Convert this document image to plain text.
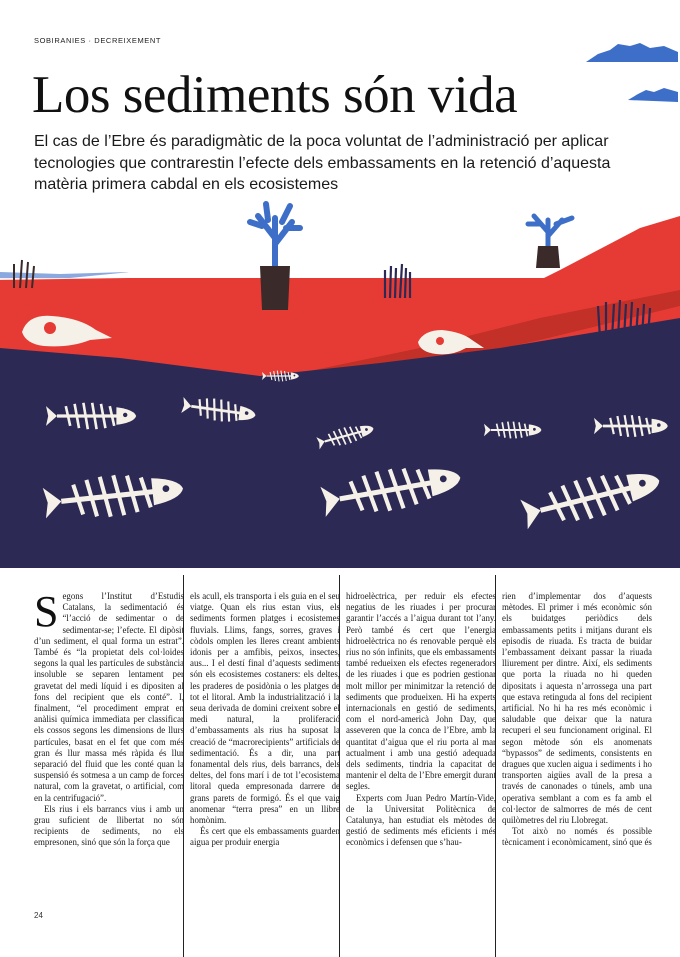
SOBIRANIES · DECREIXEMENT
Los sediments són vida

El cas de l’Ebre és paradigmàtic de la poca voluntat de l’administració per aplicar tecnologies que contrarestin l’efecte dels embassaments en la retenció d’aquesta matèria primera cabdal en els ecosistemes

Segons l’Institut d’Estudis Catalans, la sedimentació és “l’acció de sedimentar o de sedimentar-se; l’efecte. El dipòsit d’un sediment, el qual forma un estrat”. També és “la propietat dels col·loides segons la qual les partícules de substància insoluble se separen lentament per gravetat del medi líquid i es dipositen al fons del recipient que els conté”. I, finalment, “el procediment emprat en anàlisi química immediata per classificar els cossos segons les dimensions de llurs partícules, basat en el fet que com més gran és llur massa més ràpida és llur separació del fluid que les conté quan la suspensió és sotmesa a un camp de forces natural, com la gravetat, o artificial, com en la centrifugació”.

Els rius i els barrancs vius i amb un grau suficient de llibertat no són recipients de sediments, no els empresonen, sinó que són la força que

els acull, els transporta i els guia en el seu viatge. Quan els rius estan vius, els sediments formen platges i ecosistemes fluvials. Llims, fangs, sorres, graves i còdols omplen les lleres creant ambients idonis per a amfibis, peixos, insectes, aus... I el destí final d’aquests sediments són els ecosistemes costaners: els deltes, les praderes de posidònia o les platges de tot el litoral. Amb la industrialització i la seua derivada de domini creixent sobre el medi natural, la proliferació d’embassaments als rius ha suposat la creació de “macrorecipients” artificials de sedimentació. És a dir, una part fonamental dels rius, dels barrancs, dels deltes, del fons marí i de tot l’ecosistema litoral queda empresonada darrere de grans parets de formigó. És el que vaig anomenar “terra presa” en un llibre homònim.

És cert que els embassaments guarden aigua per produir energia

hidroelèctrica, per reduir els efectes negatius de les riuades i per procurar garantir l’accés a l’aigua durant tot l’any. Però també és cert que l’energia hidroelèctrica no és renovable perquè els rius no són infinits, que els embassaments també redueixen els efectes regeneradors de les riuades i que es podrien gestionar molt millor per minimitzar la retenció de sediments que produeixen. Hi ha experts internacionals en gestió de sediments, com el nord-americà John Day, que asseveren que la conca de l’Ebre, amb la quantitat d’aigua que el riu porta al mar actualment i amb una gestió adequada dels sediments, tindria la capacitat de mantenir el delta de l’Ebre emergit durant segles.

Experts com Juan Pedro Martín-Vide, de la Universitat Politècnica de Catalunya, han estudiat els mètodes de gestió de sediments més eficients i més econòmics i defensen que s’hau-

rien d’implementar dos d’aquests mètodes. El primer i més econòmic són els buidatges periòdics dels embassaments petits i mitjans durant els episodis de riuada. Es tracta de buidar l’embassament deixant passar la riuada lliurement per dintre. Així, els sediments que porta la riuada no hi queden dipositats i aquesta n’arrossega una part que estava retinguda al fons del recipient artificial. No hi ha res més econòmic i saludable que deixar que la natura recuperi el seu funcionament original. El segon mètode són els anomenats “bypassos” de sediments, consistents en dragues que xuclen aigua i sediments i ho transporten aigües avall de la presa a través de canonades o túnels, amb una operativa semblant a com es fa amb el col·lector de salmorres de més de cent quilòmetres del riu Llobregat.

Tot això no només és possible tècnicament i econòmicament, sinó que és

24
